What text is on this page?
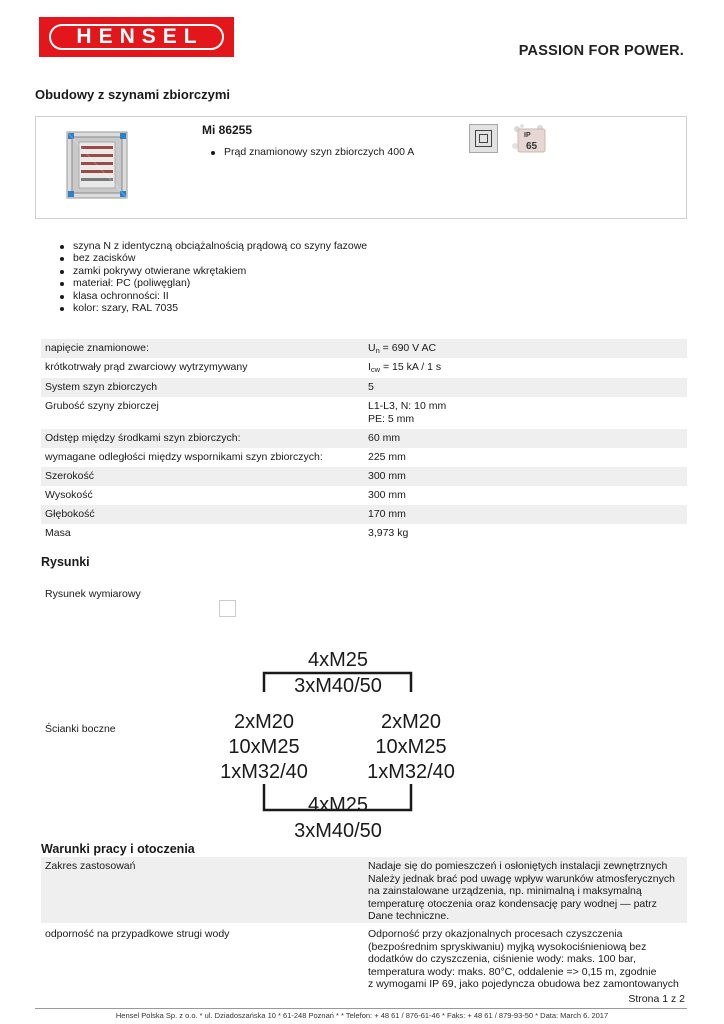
HENSEL
PASSION FOR POWER.
Obudowy z szynami zbiorczymi
Mi 86255
Prąd znamionowy szyn zbiorczych 400 A
IP
65
szyna N z identyczną obciążalnością prądową co szyny fazowe
bez zacisków
zamki pokrywy otwierane wkrętakiem
materiał: PC (poliwęglan)
klasa ochronności: II
kolor: szary, RAL 7035
napięcie znamionowe:	$U_n = 690$ V AC
krótkotrwały prąd zwarciowy wytrzymywany	$I_{cw} = 15$ kA / 1 s
System szyn zbiorczych	5
Grubość szyny zbiorczej	L1-L3, N: 10 mm
PE: 5 mm
Odstęp między środkami szyn zbiorczych:	60 mm
wymagane odległości między wspornikami szyn zbiorczych:	225 mm
Szerokość	300 mm
Wysokość	300 mm
Głębokość	170 mm
Masa	3,973 kg
Rysunki
Rysunek wymiarowy
Ścianki boczne
4xM25
3xM40/50
2xM20
10xM25
1xM32/40
2xM20
10xM25
1xM32/40
4xM25
3xM40/50
Warunki pracy i otoczenia
Zakres zastosowań	Nadaje się do pomieszczeń i osłoniętych instalacji zewnętrznych
Należy jednak brać pod uwagę wpływ warunków atmosferycznych
na zainstalowane urządzenia, np. minimalną i maksymalną
temperaturę otoczenia oraz kondensację pary wodnej — patrz
Dane techniczne.
odporność na przypadkowe strugi wody	Odporność przy okazjonalnych procesach czyszczenia
(bezpośrednim spryskiwaniu) myjką wysokociśnieniową bez
dodatków do czyszczenia, ciśnienie wody: maks. 100 bar,
temperatura wody: maks. 80°C, oddalenie => 0,15 m, zgodnie
z wymogami IP 69, jako pojedyncza obudowa bez zamontowanych
Strona 1 z 2
Hensel Polska Sp. z o.o. * ul. Dziadoszańska 10 * 61-248 Poznań * * Telefon: + 48 61 / 876-61-46 * Faks: + 48 61 / 879-93-50 * Data: March 6. 2017
